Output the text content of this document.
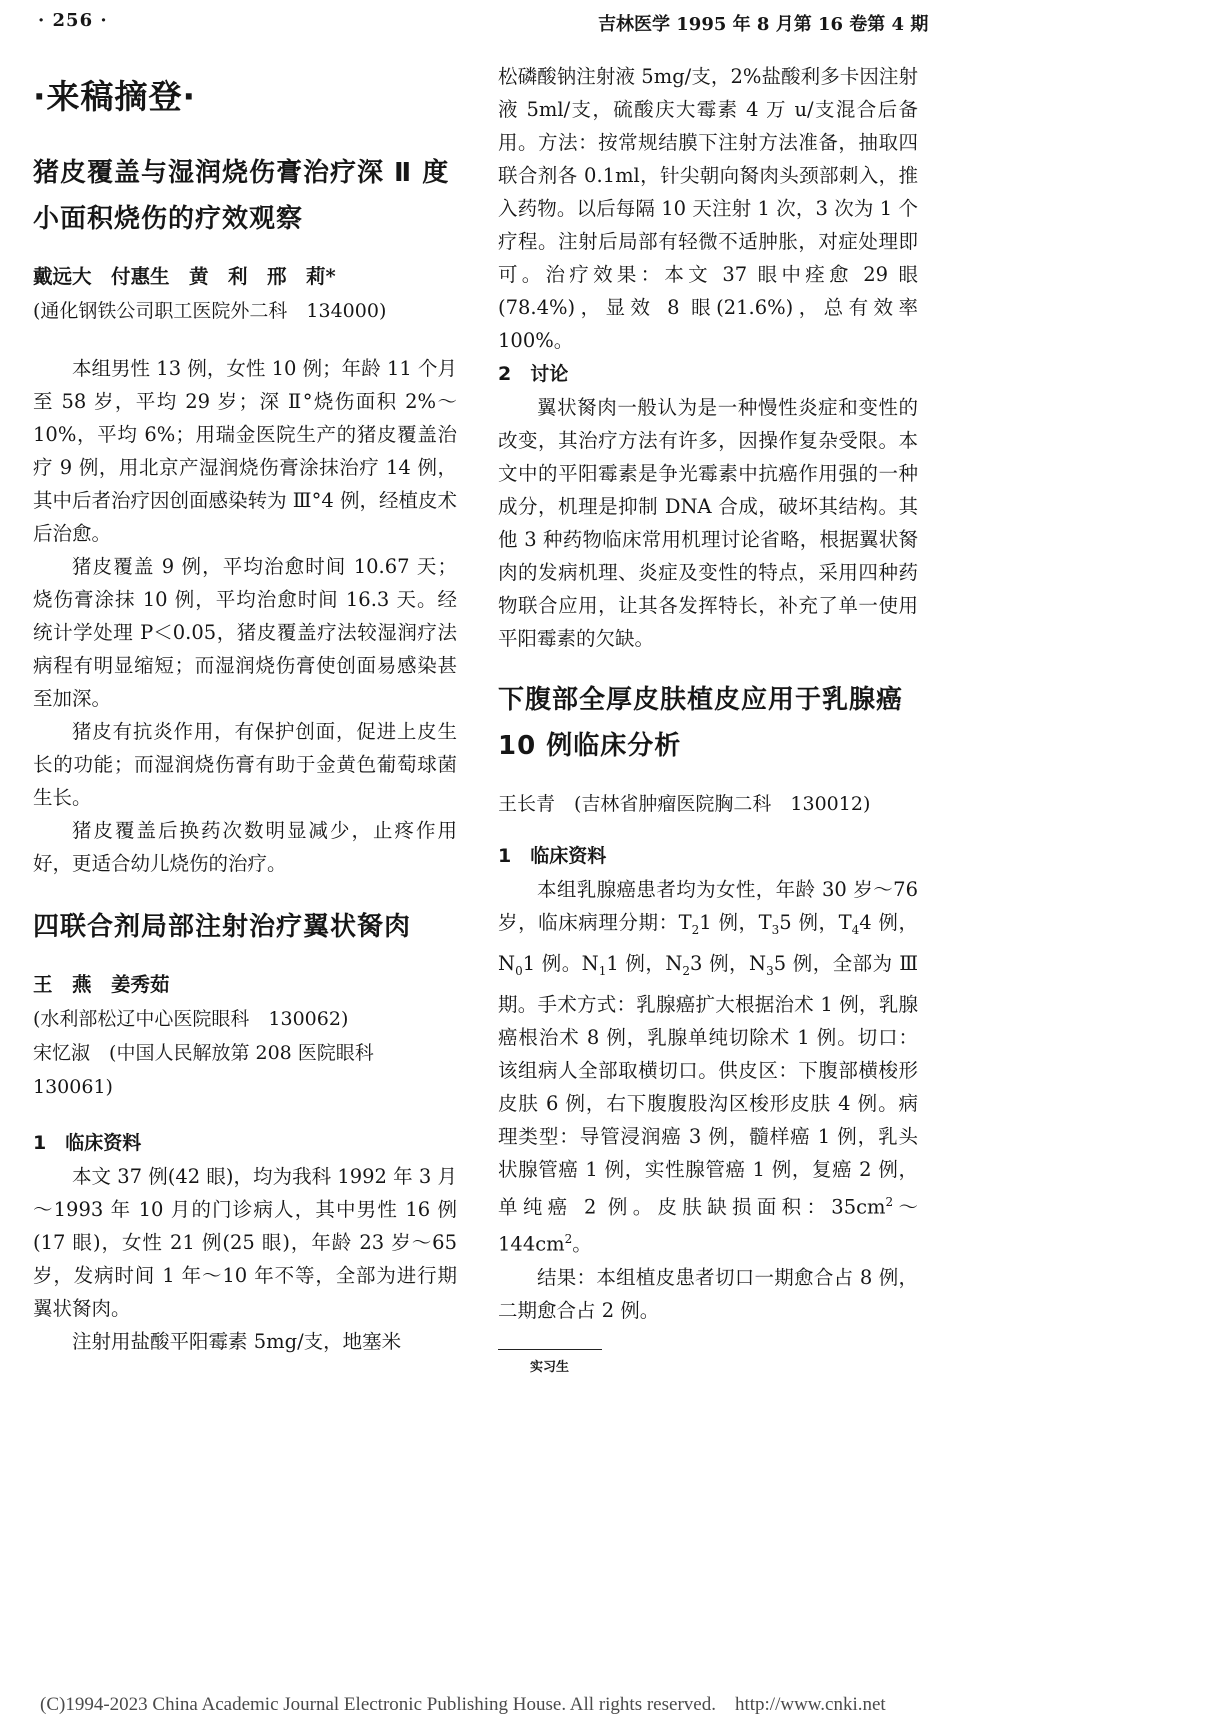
· 256 ·	吉林医学 1995 年 8 月第 16 卷第 4 期
·来稿摘登·
猪皮覆盖与湿润烧伤膏治疗深 Ⅱ 度小面积烧伤的疗效观察
戴远大　付惠生　黄　利　邢　莉*
(通化钢铁公司职工医院外二科　134000)

本组男性 13 例，女性 10 例；年龄 11 个月至 58 岁，平均 29 岁；深 Ⅱ°烧伤面积 2%～10%，平均 6%；用瑞金医院生产的猪皮覆盖治疗 9 例，用北京产湿润烧伤膏涂抹治疗 14 例，其中后者治疗因创面感染转为 Ⅲ°4 例，经植皮术后治愈。

猪皮覆盖 9 例，平均治愈时间 10.67 天；烧伤膏涂抹 10 例，平均治愈时间 16.3 天。经统计学处理 P＜0.05，猪皮覆盖疗法较湿润疗法病程有明显缩短；而湿润烧伤膏使创面易感染甚至加深。

猪皮有抗炎作用，有保护创面，促进上皮生长的功能；而湿润烧伤膏有助于金黄色葡萄球菌生长。

猪皮覆盖后换药次数明显减少，止疼作用好，更适合幼儿烧伤的治疗。

四联合剂局部注射治疗翼状胬肉
王　燕　姜秀茹
(水利部松辽中心医院眼科　130062)
宋忆淑　 (中国人民解放第 208 医院眼科
130061)
1　临床资料

本文 37 例(42 眼)，均为我科 1992 年 3 月～1993 年 10 月的门诊病人，其中男性 16 例(17 眼)，女性 21 例(25 眼)，年龄 23 岁～65 岁，发病时间 1 年～10 年不等，全部为进行期翼状胬肉。

注射用盐酸平阳霉素 5mg/支，地塞米

松磷酸钠注射液 5mg/支，2%盐酸利多卡因注射液 5ml/支，硫酸庆大霉素 4 万 u/支混合后备用。方法：按常规结膜下注射方法准备，抽取四联合剂各 0.1ml，针尖朝向胬肉头颈部刺入，推入药物。以后每隔 10 天注射 1 次，3 次为 1 个疗程。注射后局部有轻微不适肿胀，对症处理即可。治疗效果：本文 37 眼中痊愈 29 眼(78.4%)，显效 8 眼(21.6%)，总有效率 100%。

2　讨论

翼状胬肉一般认为是一种慢性炎症和变性的改变，其治疗方法有许多，因操作复杂受限。本文中的平阳霉素是争光霉素中抗癌作用强的一种成分，机理是抑制 DNA 合成，破坏其结构。其他 3 种药物临床常用机理讨论省略，根据翼状胬肉的发病机理、炎症及变性的特点，采用四种药物联合应用，让其各发挥特长，补充了单一使用平阳霉素的欠缺。

下腹部全厚皮肤植皮应用于乳腺癌 10 例临床分析
王长青　(吉林省肿瘤医院胸二科　130012)
1　临床资料

本组乳腺癌患者均为女性，年龄 30 岁～76 岁，临床病理分期：$T_21$ 例，$T_35$ 例，$T_44$ 例，$N_01$ 例。$N_11$ 例，$N_23$ 例，$N_35$ 例，全部为 Ⅲ 期。手术方式：乳腺癌扩大根据治术 1 例，乳腺癌根治术 8 例，乳腺单纯切除术 1 例。切口：该组病人全部取横切口。供皮区：下腹部横梭形皮肤 6 例，右下腹腹股沟区梭形皮肤 4 例。病理类型：导管浸润癌 3 例，髓样癌 1 例，乳头状腺管癌 1 例，实性腺管癌 1 例，复癌 2 例，单纯癌 2 例。皮肤缺损面积：$35cm^2\sim 144cm^2$。

结果：本组植皮患者切口一期愈合占 8 例，二期愈合占 2 例。

实习生
(C)1994-2023 China Academic Journal Electronic Publishing House. All rights reserved.    http://www.cnki.net
